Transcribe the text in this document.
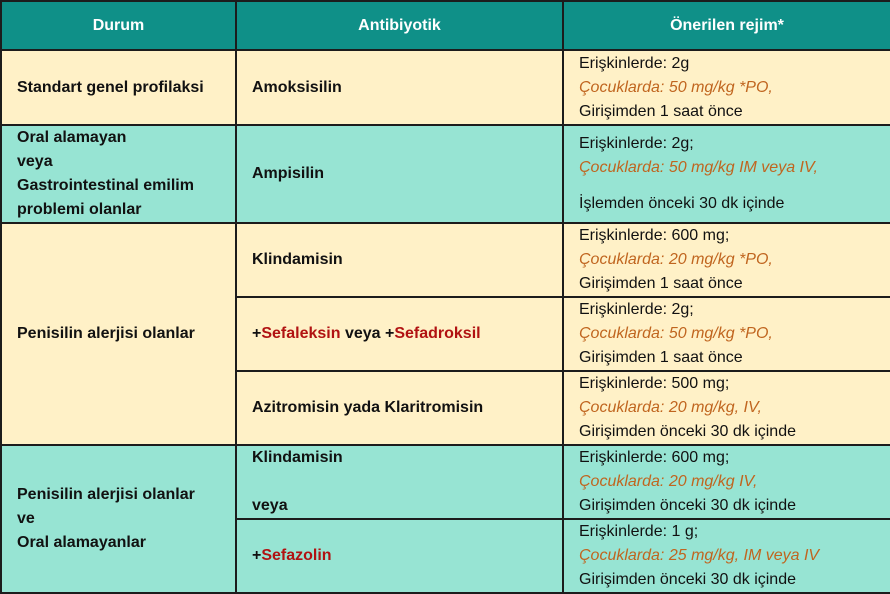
Durum	Antibiyotik	Önerilen rejim*
Standart genel profilaksi	Amoksisilin	Erişkinlerde: 2g
Çocuklarda: 50 mg/kg *PO,
Girişimden 1 saat önce

Oral alamayan
veya
Gastrointestinal emilim
problemi olanlar	Ampisilin	Erişkinlerde: 2g;
Çocuklarda: 50 mg/kg IM veya IV,
İşlemden önceki 30 dk içinde

Penisilin alerjisi olanlar	Klindamisin	Erişkinlerde: 600 mg;
Çocuklarda: 20 mg/kg *PO,
Girişimden 1 saat önce

	+Sefaleksin veya +Sefadroksil	Erişkinlerde: 2g;
Çocuklarda: 50 mg/kg *PO,
Girişimden 1 saat önce

	Azitromisin yada Klaritromisin	Erişkinlerde: 500 mg;
Çocuklarda: 20 mg/kg, IV,
Girişimden önceki 30 dk içinde

Penisilin alerjisi olanlar
ve
Oral alamayanlar	Klindamisin
veya	Erişkinlerde: 600 mg;
Çocuklarda: 20 mg/kg IV,
Girişimden önceki 30 dk içinde

	+Sefazolin	Erişkinlerde: 1 g;
Çocuklarda: 25 mg/kg, IM veya IV
Girişimden önceki 30 dk içinde
